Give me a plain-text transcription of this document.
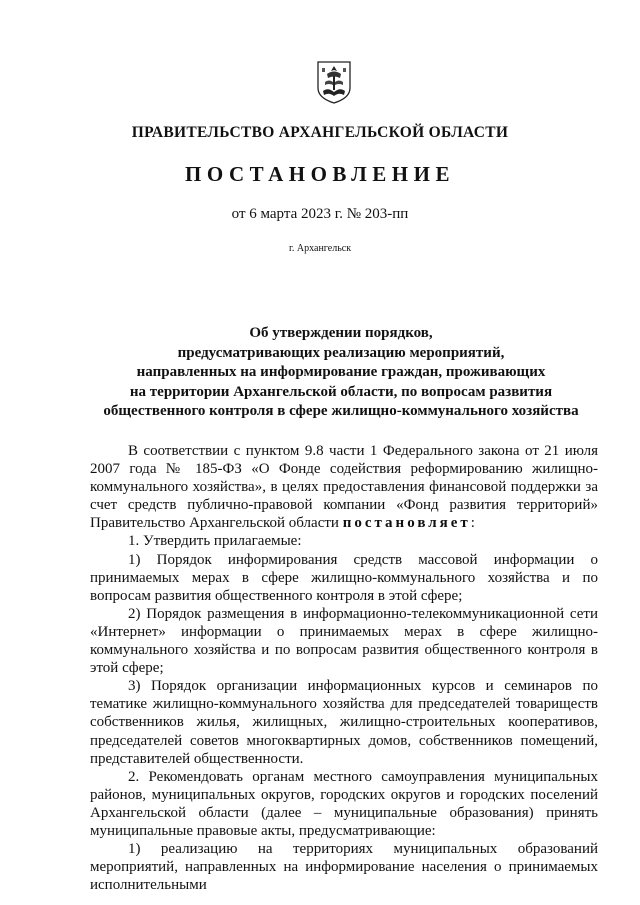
ПРАВИТЕЛЬСТВО АРХАНГЕЛЬСКОЙ ОБЛАСТИ
ПОСТАНОВЛЕНИЕ
от 6 марта 2023 г. № 203-пп
г. Архангельск
Об утверждении порядков,
предусматривающих реализацию мероприятий,
направленных на информирование граждан, проживающих
на территории Архангельской области, по вопросам развития
общественного контроля в сфере жилищно-коммунального хозяйства

В соответствии с пунктом 9.8 части 1 Федерального закона от 21 июля 2007 года № 185-ФЗ «О Фонде содействия реформированию жилищно-коммунального хозяйства», в целях предоставления финансовой поддержки за счет средств публично-правовой компании «Фонд развития территорий» Правительство Архангельской области постановляет:

1. Утвердить прилагаемые:

1) Порядок информирования средств массовой информации о принимаемых мерах в сфере жилищно-коммунального хозяйства и по вопросам развития общественного контроля в этой сфере;

2) Порядок размещения в информационно-телекоммуникационной сети «Интернет» информации о принимаемых мерах в сфере жилищно-коммунального хозяйства и по вопросам развития общественного контроля в этой сфере;

3) Порядок организации информационных курсов и семинаров по тематике жилищно-коммунального хозяйства для председателей товариществ собственников жилья, жилищных, жилищно-строительных кооперативов, председателей советов многоквартирных домов, собственников помещений, представителей общественности.

2. Рекомендовать органам местного самоуправления муниципальных районов, муниципальных округов, городских округов и городских поселений Архангельской области (далее – муниципальные образования) принять муниципальные правовые акты, предусматривающие:

1) реализацию на территориях муниципальных образований мероприятий, направленных на информирование населения о принимаемых исполнительными
